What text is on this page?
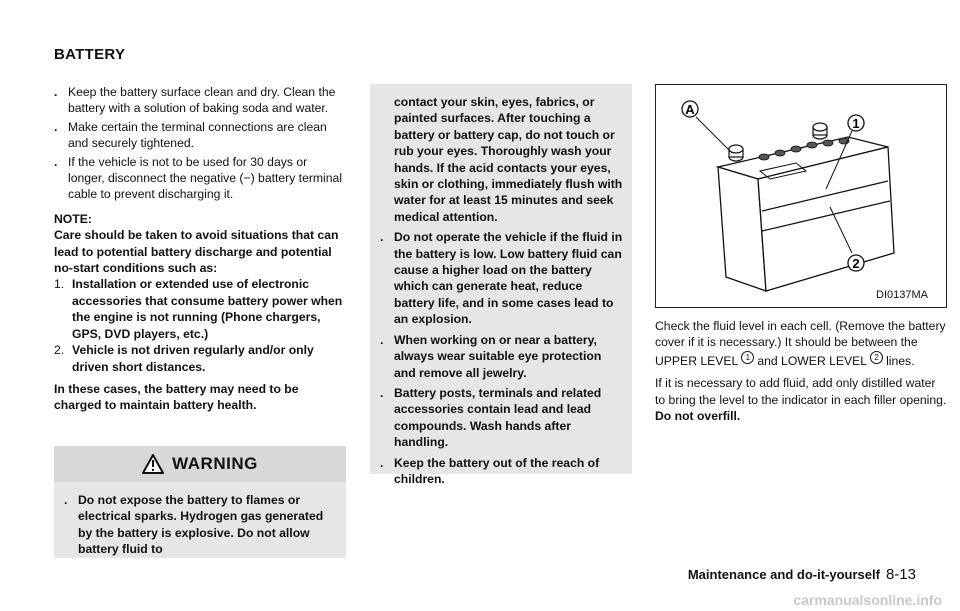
BATTERY
. Keep the battery surface clean and dry. Clean the battery with a solution of baking soda and water.
. Make certain the terminal connections are clean and securely tightened.
. If the vehicle is not to be used for 30 days or longer, disconnect the negative (−) battery terminal cable to prevent discharging it.

NOTE:

Care should be taken to avoid situations that can lead to potential battery discharge and potential no-start conditions such as:

1. Installation or extended use of electronic accessories that consume battery power when the engine is not running (Phone chargers, GPS, DVD players, etc.)
2. Vehicle is not driven regularly and/or only driven short distances.

In these cases, the battery may need to be charged to maintain battery health.

WARNING
. Do not expose the battery to flames or electrical sparks. Hydrogen gas generated by the battery is explosive. Do not allow battery fluid to
contact your skin, eyes, fabrics, or painted surfaces. After touching a battery or battery cap, do not touch or rub your eyes. Thoroughly wash your hands. If the acid contacts your eyes, skin or clothing, immediately flush with water for at least 15 minutes and seek medical attention.
. Do not operate the vehicle if the fluid in the battery is low. Low battery fluid can cause a higher load on the battery which can generate heat, reduce battery life, and in some cases lead to an explosion.
. When working on or near a battery, always wear suitable eye protection and remove all jewelry.
. Battery posts, terminals and related accessories contain lead and lead compounds. Wash hands after handling.
. Keep the battery out of the reach of children.
A
1
2
DI0137MA

Check the fluid level in each cell. (Remove the battery cover if it is necessary.) It should be between the UPPER LEVEL 1 and LOWER LEVEL 2 lines.

If it is necessary to add fluid, add only distilled water to bring the level to the indicator in each filler opening. Do not overfill.

Maintenance and do-it-yourself 8-13
carmanualsonline.info
